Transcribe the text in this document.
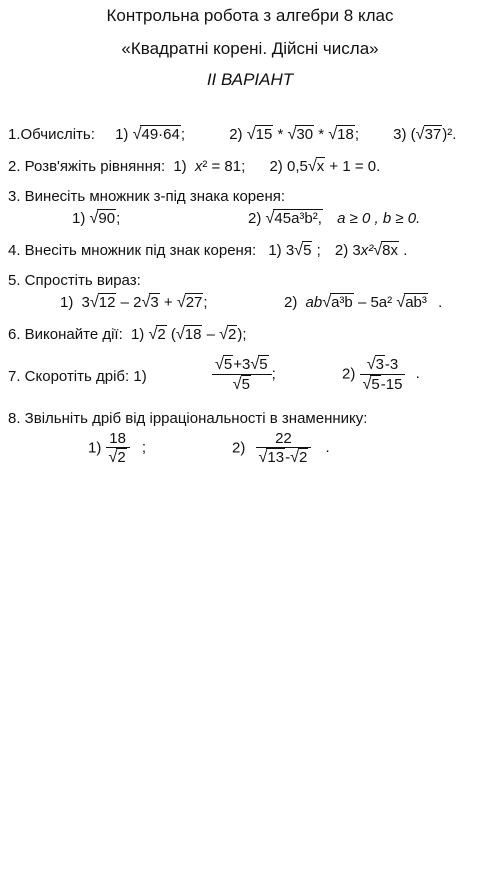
Контрольна робота з алгебри 8 клас
«Квадратні корені. Дійсні числа»
ІІ ВАРІАНТ
1.Обчисліть: 1) √49·64;	2) √15 * √30 * √18; 3) (√37)².
2. Розв'яжіть рівняння: 1) x² = 81; 2) 0,5√x + 1 = 0.
3. Винесіть множник з-під знака кореня:
1) √90;	2) √45a³b², a ≥ 0 , b ≥ 0.
4. Внесіть множник під знак кореня: 1) 3√5 ; 2) 3x²√8x .
5. Спростіть вираз:
1) 3√12 – 2√3 + √27;	2) ab√a³b – 5a² √ab³ .
6. Виконайте дії: 1) √2 (√18 – √2);
7. Скоротіть дріб: 1)	$\frac{√5+3√5}{√5}$ ;	$2) \frac{√3-3}{√5-15}$ .
8. Звільніть дріб від ірраціональності в знаменнику:
$1) \frac{18}{√2}$ ;	$2) \frac{22}{√13-√2}$ .
